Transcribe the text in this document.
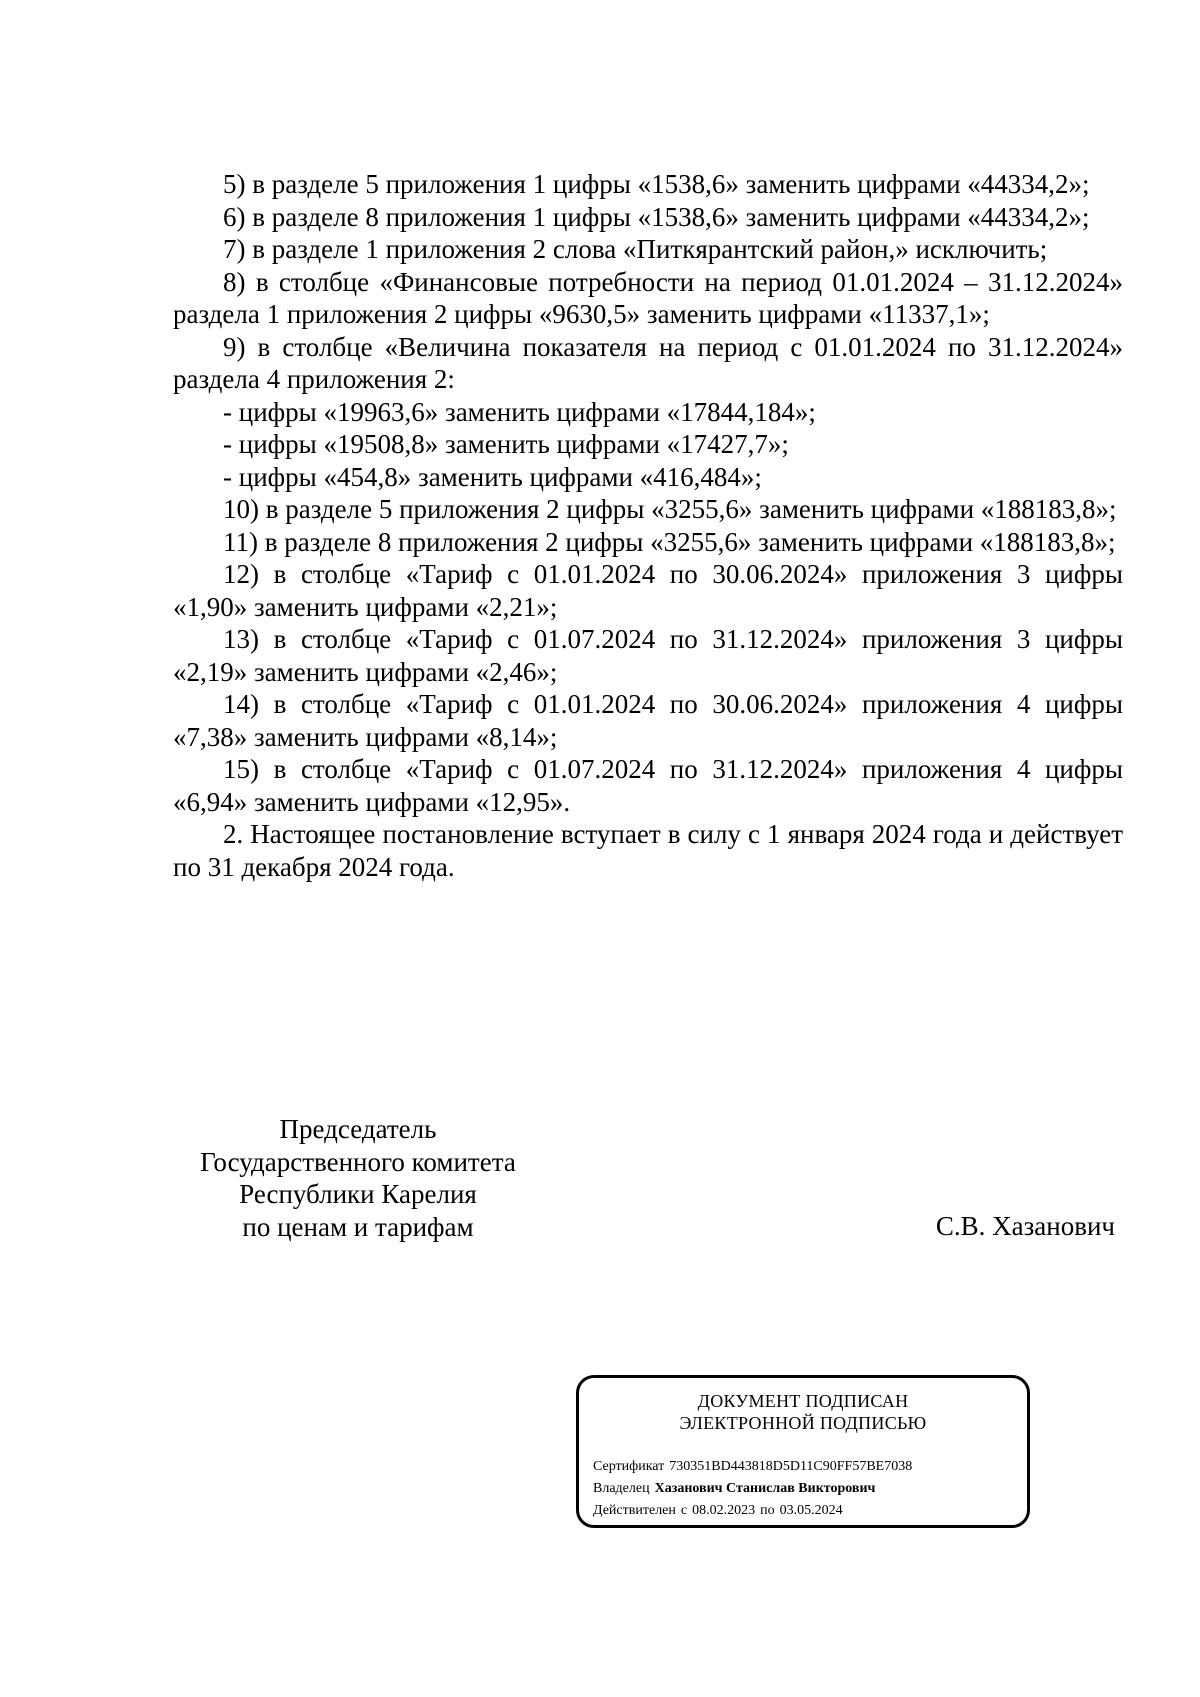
5) в разделе 5 приложения 1 цифры «1538,6» заменить цифрами «44334,2»;

6) в разделе 8 приложения 1 цифры «1538,6» заменить цифрами «44334,2»;

7) в разделе 1 приложения 2 слова «Питкярантский район,» исключить;

8) в столбце «Финансовые потребности на период 01.01.2024 – 31.12.2024» раздела 1 приложения 2 цифры «9630,5» заменить цифрами «11337,1»;

9) в столбце «Величина показателя на период с 01.01.2024 по 31.12.2024» раздела 4 приложения 2:

- цифры «19963,6» заменить цифрами «17844,184»;

- цифры «19508,8» заменить цифрами «17427,7»;

- цифры «454,8» заменить цифрами «416,484»;

10) в разделе 5 приложения 2 цифры «3255,6» заменить цифрами «188183,8»;

11) в разделе 8 приложения 2 цифры «3255,6» заменить цифрами «188183,8»;

12) в столбце «Тариф с 01.01.2024 по 30.06.2024» приложения 3 цифры «1,90» заменить цифрами «2,21»;

13) в столбце «Тариф с 01.07.2024 по 31.12.2024» приложения 3 цифры «2,19» заменить цифрами «2,46»;

14) в столбце «Тариф с 01.01.2024 по 30.06.2024» приложения 4 цифры «7,38» заменить цифрами «8,14»;

15) в столбце «Тариф с 01.07.2024 по 31.12.2024» приложения 4 цифры «6,94» заменить цифрами «12,95».

2. Настоящее постановление вступает в силу с 1 января 2024 года и действует по 31 декабря 2024 года.

Председатель
Государственного комитета
Республики Карелия
по ценам и тарифам	С.В. Хазанович
ДОКУМЕНТ ПОДПИСАН
ЭЛЕКТРОННОЙ ПОДПИСЬЮ
Сертификат 730351BD443818D5D11C90FF57BE7038
Владелец Хазанович Станислав Викторович
Действителен с 08.02.2023 по 03.05.2024
